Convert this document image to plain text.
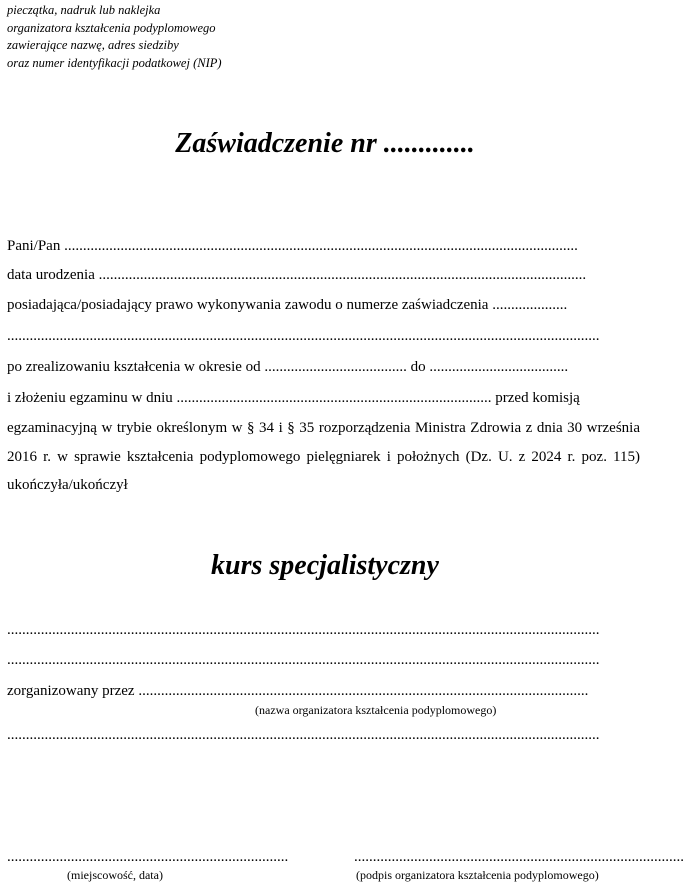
pieczątka, nadruk lub naklejka
organizatora kształcenia podyplomowego
zawierające nazwę, adres siedziby
oraz numer identyfikacji podatkowej (NIP)
Zaświadczenie nr .............
Pani/Pan .........................................................................................................................................
data urodzenia ..................................................................................................................................
posiadająca/posiadający prawo wykonywania zawodu o numerze zaświadczenia ....................
..............................................................................................................................................................
po zrealizowaniu kształcenia w okresie od ...................................... do .....................................
i złożeniu egzaminu w dniu .................................................................................... przed komisją
egzaminacyjną w trybie określonym w § 34 i § 35 rozporządzenia Ministra Zdrowia z dnia 30 września 2016 r. w sprawie kształcenia podyplomowego pielęgniarek i położnych (Dz. U. z 2024 r. poz. 115) ukończyła/ukończył
kurs specjalistyczny
..............................................................................................................................................................
..............................................................................................................................................................
zorganizowany przez ........................................................................................................................
(nazwa organizatora kształcenia podyplomowego)
..............................................................................................................................................................
...........................................................................
(miejscowość, data)
........................................................................................
(podpis organizatora kształcenia podyplomowego)
